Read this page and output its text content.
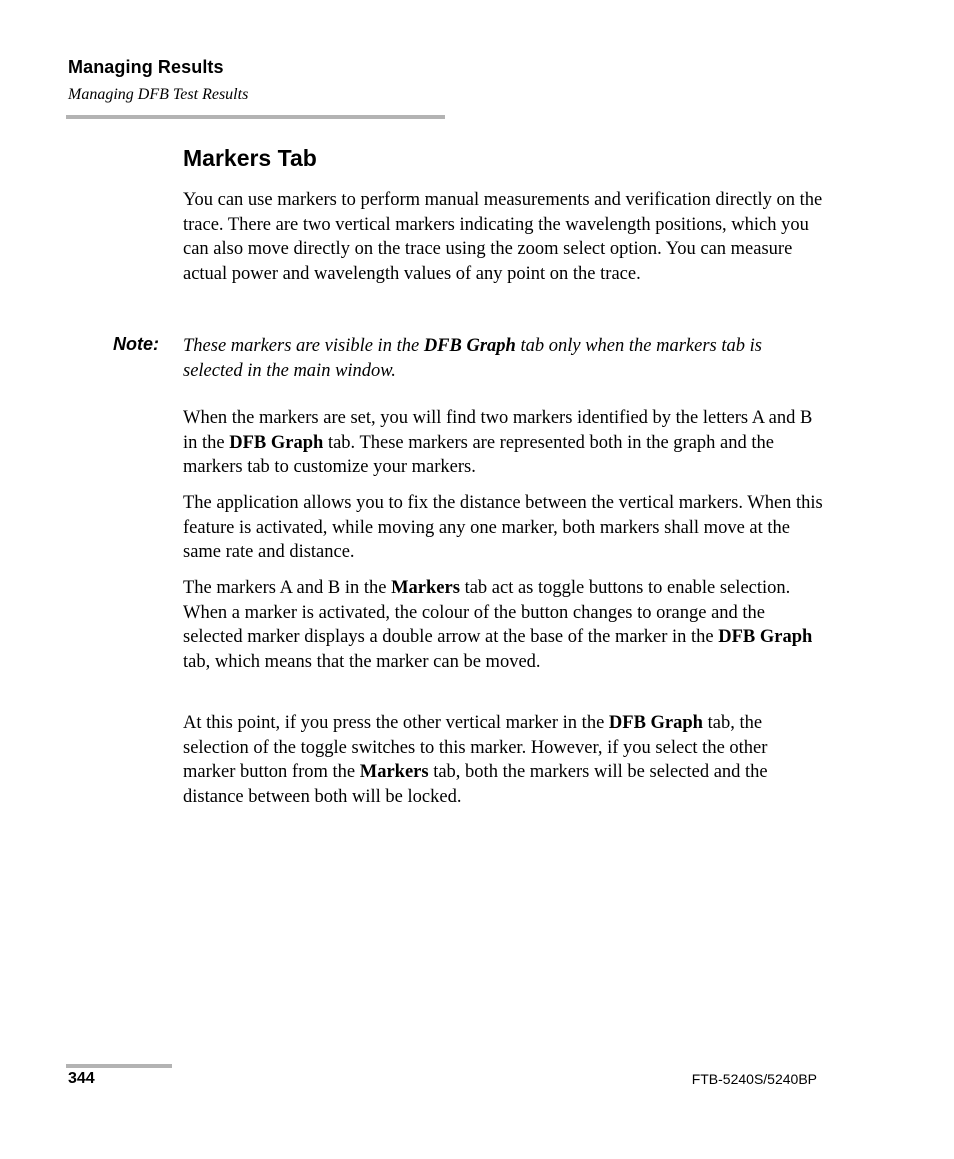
Managing Results
Managing DFB Test Results
Markers Tab

You can use markers to perform manual measurements and verification directly on the trace. There are two vertical markers indicating the wavelength positions, which you can also move directly on the trace using the zoom select option. You can measure actual power and wavelength values of any point on the trace.

Note: These markers are visible in the DFB Graph tab only when the markers tab is selected in the main window.

When the markers are set, you will find two markers identified by the letters A and B in the DFB Graph tab. These markers are represented both in the graph and the markers tab to customize your markers.

The application allows you to fix the distance between the vertical markers. When this feature is activated, while moving any one marker, both markers shall move at the same rate and distance.

The markers A and B in the Markers tab act as toggle buttons to enable selection. When a marker is activated, the colour of the button changes to orange and the selected marker displays a double arrow at the base of the marker in the DFB Graph tab, which means that the marker can be moved.

At this point, if you press the other vertical marker in the DFB Graph tab, the selection of the toggle switches to this marker. However, if you select the other marker button from the Markers tab, both the markers will be selected and the distance between both will be locked.

344	FTB-5240S/5240BP
